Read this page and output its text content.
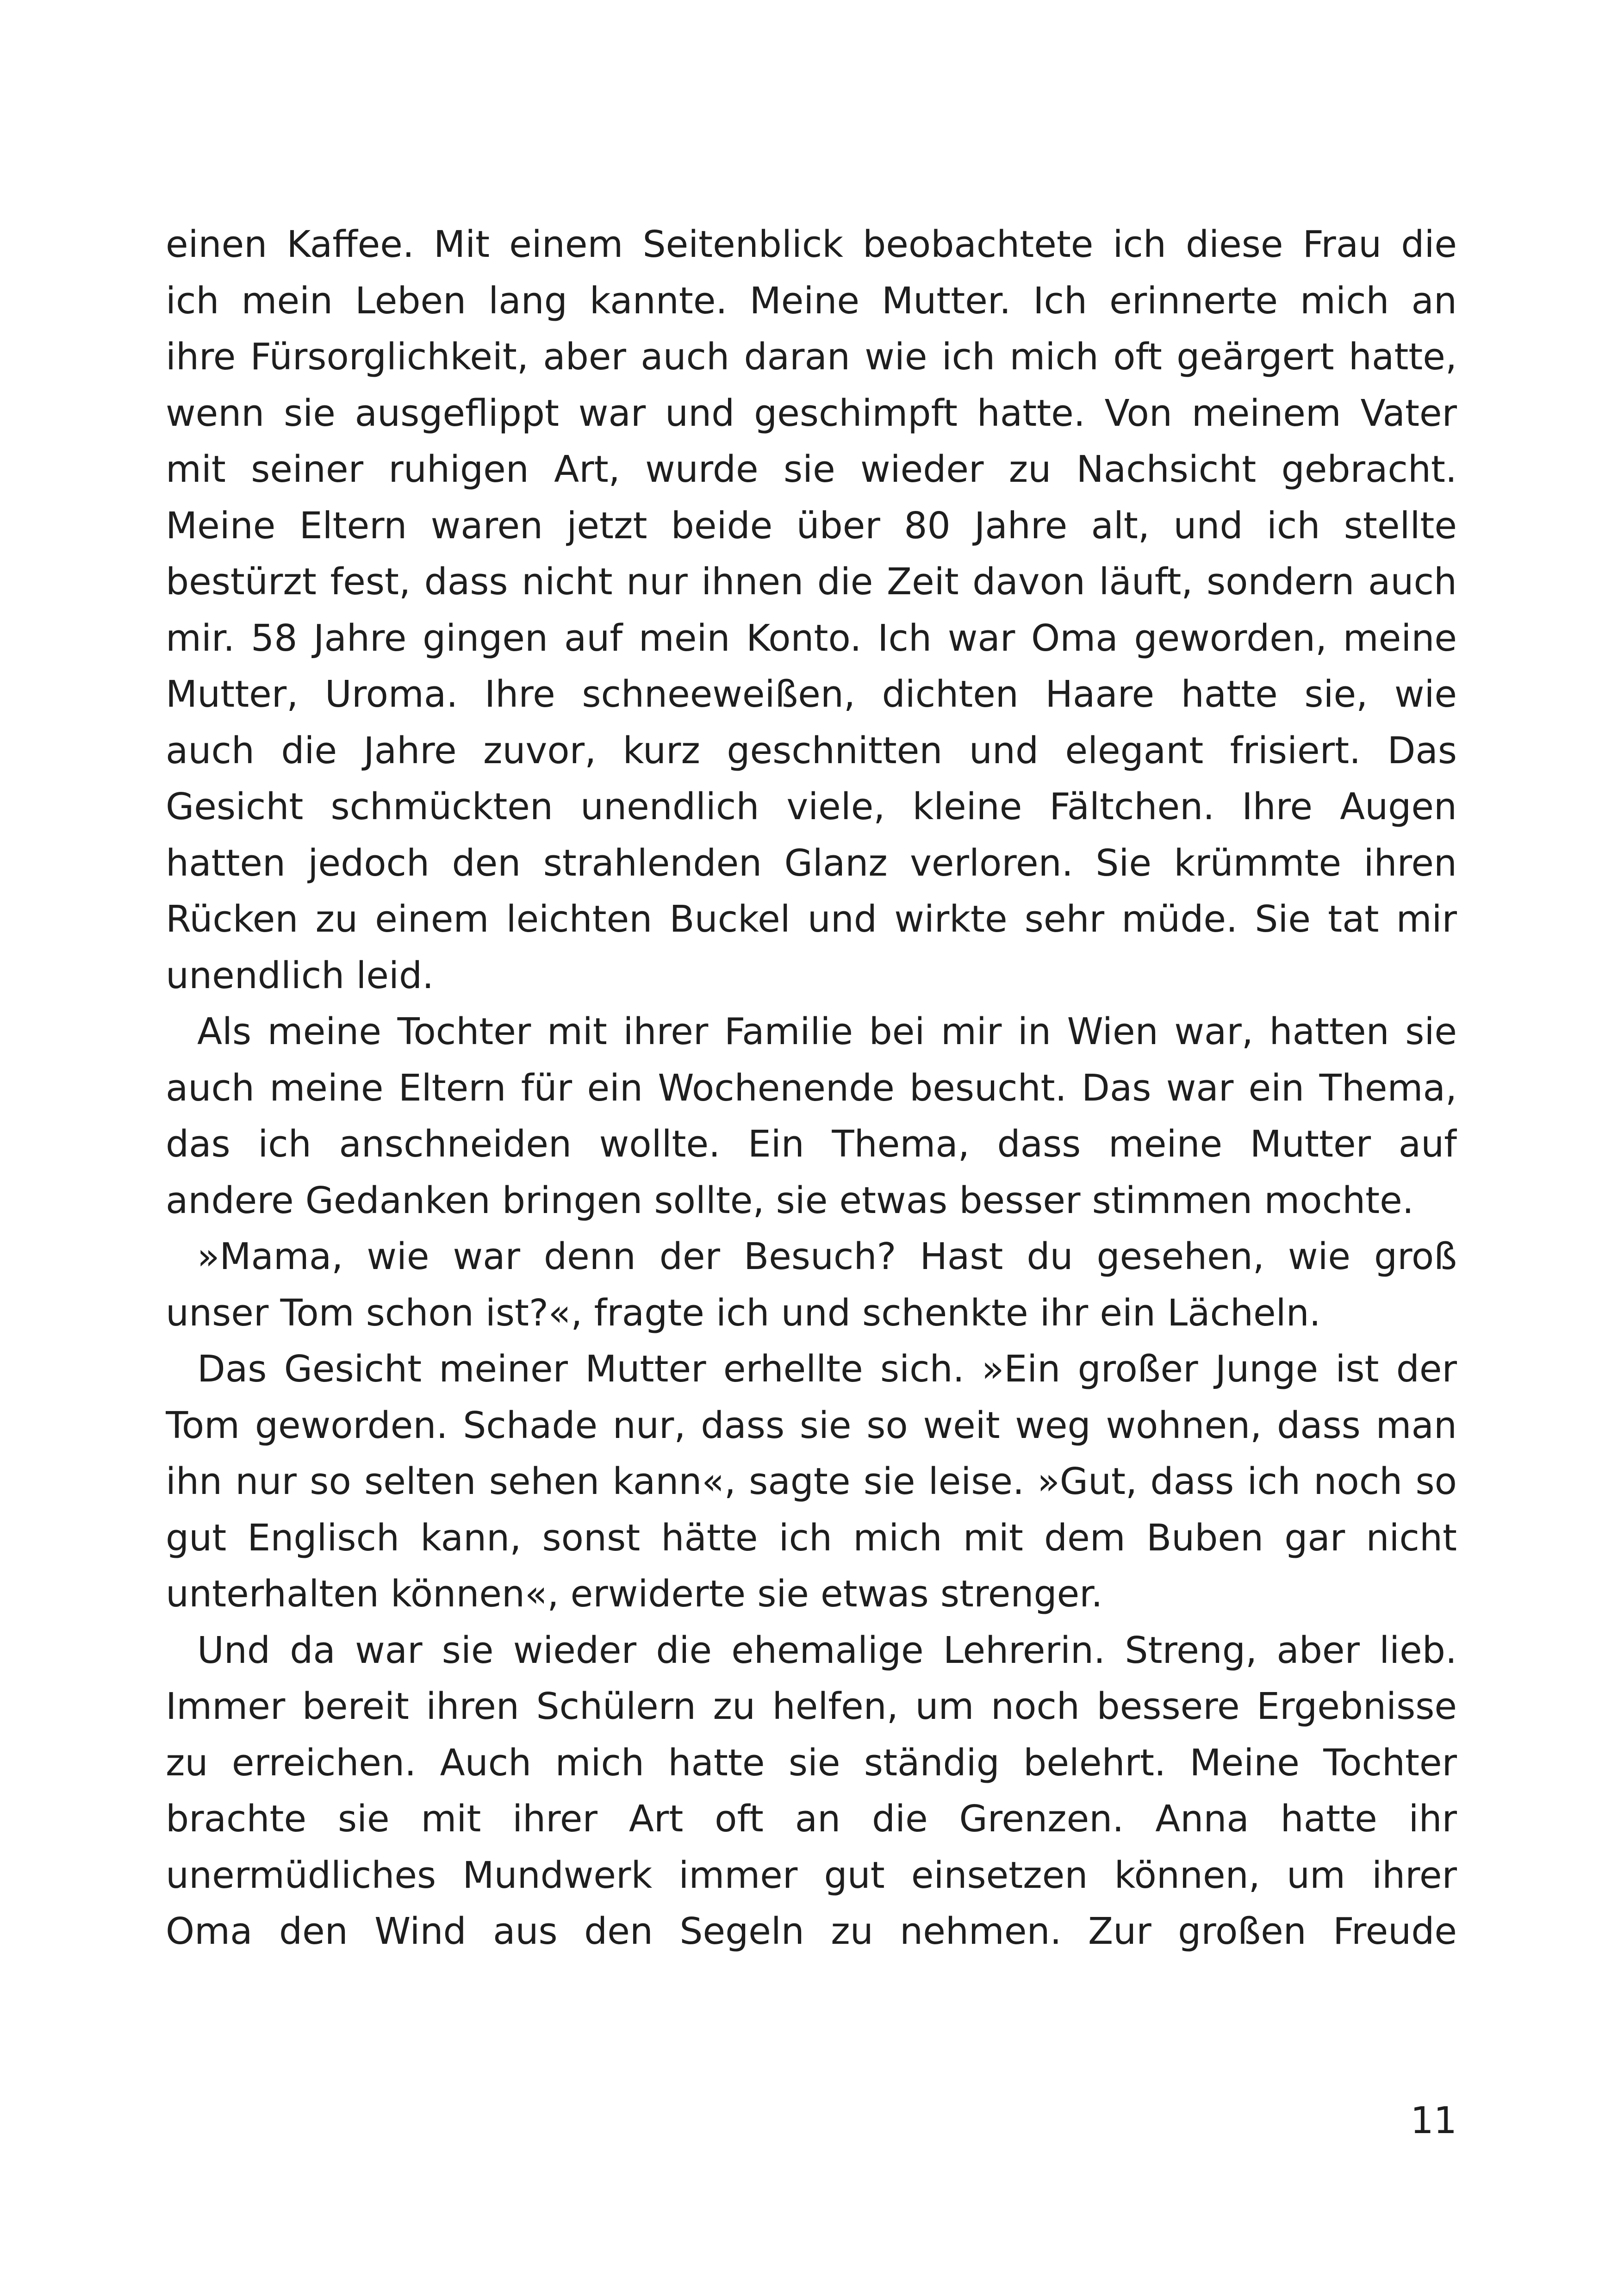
einen Kaffee. Mit einem Seitenblick beobachtete ich diese Frau die
ich mein Leben lang kannte. Meine Mutter. Ich erinnerte mich an
ihre Fürsorglichkeit, aber auch daran wie ich mich oft geärgert hatte,
wenn sie ausgeflippt war und geschimpft hatte. Von meinem Vater
mit seiner ruhigen Art, wurde sie wieder zu Nachsicht gebracht.
Meine Eltern waren jetzt beide über 80 Jahre alt, und ich stellte
bestürzt fest, dass nicht nur ihnen die Zeit davon läuft, sondern auch
mir. 58 Jahre gingen auf mein Konto. Ich war Oma geworden, meine
Mutter, Uroma. Ihre schneeweißen, dichten Haare hatte sie, wie
auch die Jahre zuvor, kurz geschnitten und elegant frisiert. Das
Gesicht schmückten unendlich viele, kleine Fältchen. Ihre Augen
hatten jedoch den strahlenden Glanz verloren. Sie krümmte ihren
Rücken zu einem leichten Buckel und wirkte sehr müde. Sie tat mir
unendlich leid.
Als meine Tochter mit ihrer Familie bei mir in Wien war, hatten sie
auch meine Eltern für ein Wochenende besucht. Das war ein Thema,
das ich anschneiden wollte. Ein Thema, dass meine Mutter auf
andere Gedanken bringen sollte, sie etwas besser stimmen mochte.
»Mama, wie war denn der Besuch? Hast du gesehen, wie groß
unser Tom schon ist?«, fragte ich und schenkte ihr ein Lächeln.
Das Gesicht meiner Mutter erhellte sich. »Ein großer Junge ist der
Tom geworden. Schade nur, dass sie so weit weg wohnen, dass man
ihn nur so selten sehen kann«, sagte sie leise. »Gut, dass ich noch so
gut Englisch kann, sonst hätte ich mich mit dem Buben gar nicht
unterhalten können«, erwiderte sie etwas strenger.
Und da war sie wieder die ehemalige Lehrerin. Streng, aber lieb.
Immer bereit ihren Schülern zu helfen, um noch bessere Ergebnisse
zu erreichen. Auch mich hatte sie ständig belehrt. Meine Tochter
brachte sie mit ihrer Art oft an die Grenzen. Anna hatte ihr
unermüdliches Mundwerk immer gut einsetzen können, um ihrer
Oma den Wind aus den Segeln zu nehmen. Zur großen Freude
11
